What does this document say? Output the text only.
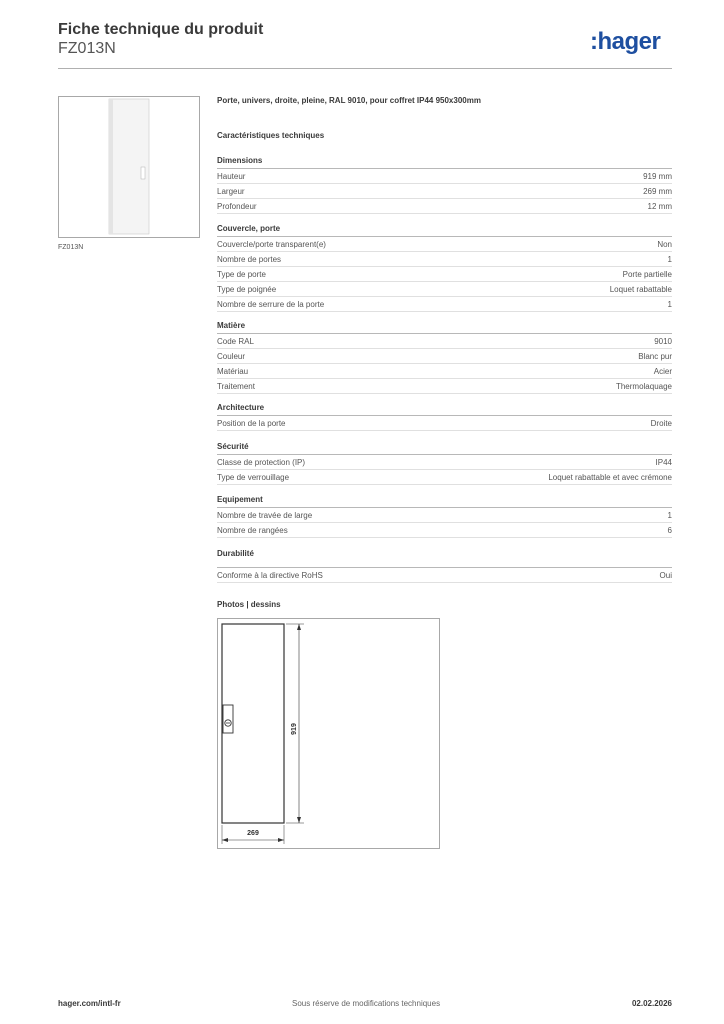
Fiche technique du produit
FZ013N	:hager
FZ013N
Porte, univers, droite, pleine, RAL 9010, pour coffret IP44 950x300mm
Caractéristiques techniques
Dimensions
Hauteur	919 mm
Largeur	269 mm
Profondeur	12 mm
Couvercle, porte
Couvercle/porte transparent(e)	Non
Nombre de portes	1
Type de porte	Porte partielle
Type de poignée	Loquet rabattable
Nombre de serrure de la porte	1
Matière
Code RAL	9010
Couleur	Blanc pur
Matériau	Acier
Traitement	Thermolaquage
Architecture
Position de la porte	Droite
Sécurité
Classe de protection (IP)	IP44
Type de verrouillage	Loquet rabattable et avec crémone
Equipement
Nombre de travée de large	1
Nombre de rangées	6
Durabilité
Conforme à la directive RoHS	Oui
Photos | dessins
919
269
hager.com/intl-fr	Sous réserve de modifications techniques	02.02.2026
